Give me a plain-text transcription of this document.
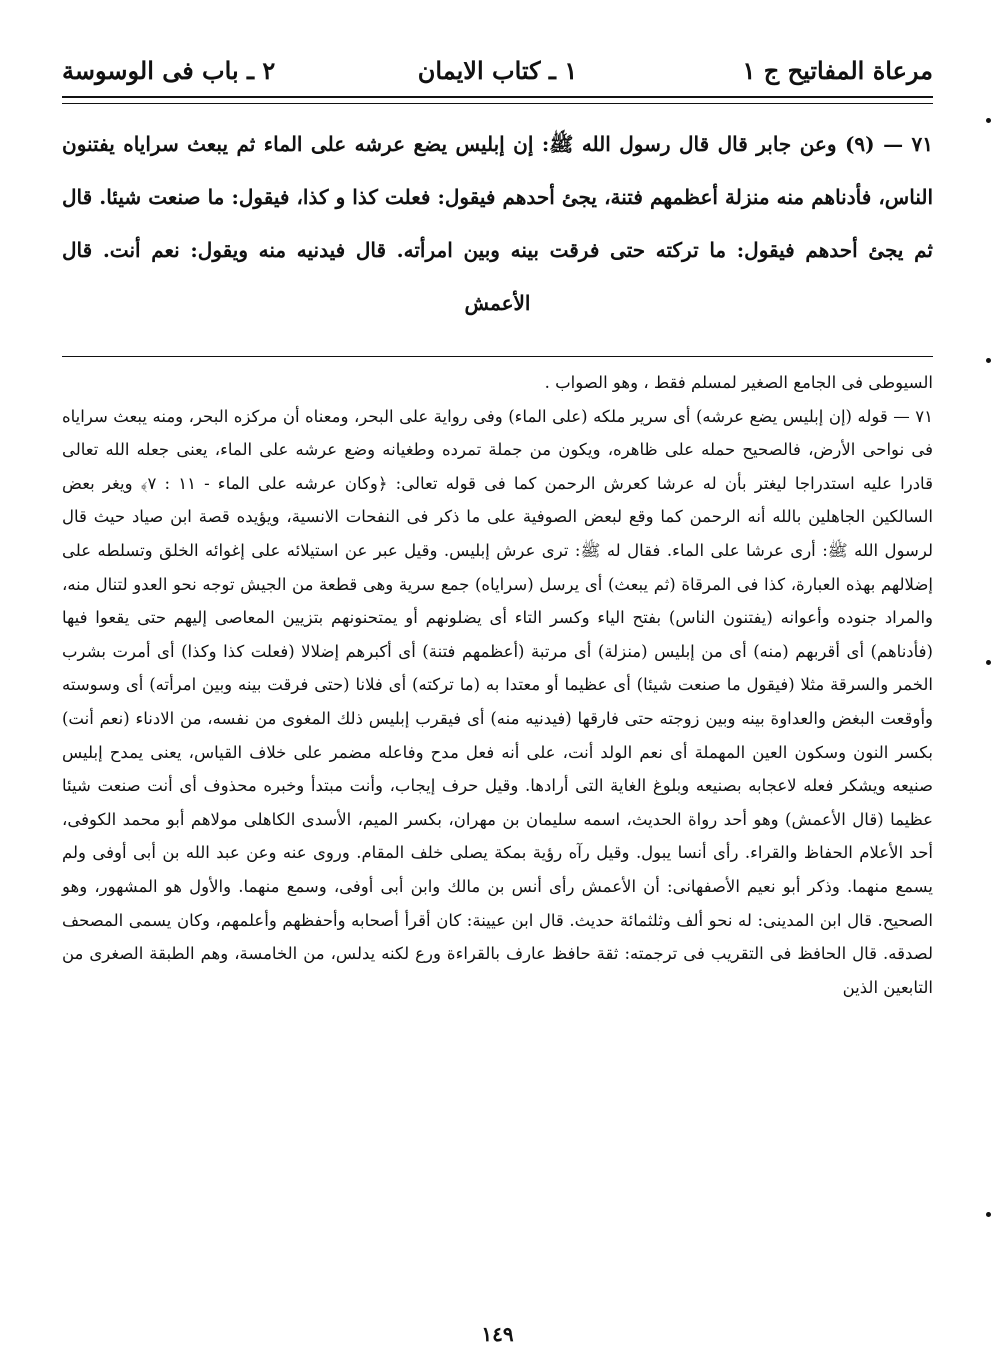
مرعاة المفاتيح ج ١
٢ ـ باب فى الوسوسة	١ ـ كتاب الايمان

٧١ — (٩) وعن جابر قال قال رسول الله ﷺ: إن إبليس يضع عرشه على الماء ثم يبعث سراياه يفتنون الناس، فأدناهم منه منزلة أعظمهم فتنة، يجئ أحدهم فيقول: فعلت كذا و كذا، فيقول: ما صنعت شيئا. قال ثم يجئ أحدهم فيقول: ما تركته حتى فرقت بينه وبين امرأته. قال فيدنيه منه ويقول: نعم أنت. قال الأعمش

السيوطى فى الجامع الصغير لمسلم فقط ، وهو الصواب .

٧١ — قوله (إن إبليس يضع عرشه) أى سرير ملكه (على الماء) وفى رواية على البحر، ومعناه أن مركزه البحر، ومنه يبعث سراياه فى نواحى الأرض، فالصحيح حمله على ظاهره، ويكون من جملة تمرده وطغيانه وضع عرشه على الماء، يعنى جعله الله تعالى قادرا عليه استدراجا ليغتر بأن له عرشا كعرش الرحمن كما فى قوله تعالى: ﴿وكان عرشه على الماء - ١١ : ٧﴾ ويغر بعض السالكين الجاهلين بالله أنه الرحمن كما وقع لبعض الصوفية على ما ذكر فى النفحات الانسية، ويؤيده قصة ابن صياد حيث قال لرسول الله ﷺ: أرى عرشا على الماء. فقال له ﷺ: ترى عرش إبليس. وقيل عبر عن استيلائه على إغوائه الخلق وتسلطه على إضلالهم بهذه العبارة، كذا فى المرقاة (ثم يبعث) أى يرسل (سراياه) جمع سرية وهى قطعة من الجيش توجه نحو العدو لتنال منه، والمراد جنوده وأعوانه (يفتنون الناس) بفتح الياء وكسر التاء أى يضلونهم أو يمتحنونهم بتزيين المعاصى إليهم حتى يقعوا فيها (فأدناهم) أى أقربهم (منه) أى من إبليس (منزلة) أى مرتبة (أعظمهم فتنة) أى أكبرهم إضلالا (فعلت كذا وكذا) أى أمرت بشرب الخمر والسرقة مثلا (فيقول ما صنعت شيئا) أى عظيما أو معتدا به (ما تركته) أى فلانا (حتى فرقت بينه وبين امرأته) أى وسوسته وأوقعت البغض والعداوة بينه وبين زوجته حتى فارقها (فيدنيه منه) أى فيقرب إبليس ذلك المغوى من نفسه، من الادناء (نعم أنت) بكسر النون وسكون العين المهملة أى نعم الولد أنت، على أنه فعل مدح وفاعله مضمر على خلاف القياس، يعنى يمدح إبليس صنيعه ويشكر فعله لاعجابه بصنيعه وبلوغ الغاية التى أرادها. وقيل حرف إيجاب، وأنت مبتدأ وخبره محذوف أى أنت صنعت شيئا عظيما (قال الأعمش) وهو أحد رواة الحديث، اسمه سليمان بن مهران، بكسر الميم، الأسدى الكاهلى مولاهم أبو محمد الكوفى، أحد الأعلام الحفاظ والقراء. رأى أنسا يبول. وقيل رآه رؤية بمكة يصلى خلف المقام. وروى عنه وعن عبد الله بن أبى أوفى ولم يسمع منهما. وذكر أبو نعيم الأصفهانى: أن الأعمش رأى أنس بن مالك وابن أبى أوفى، وسمع منهما. والأول هو المشهور، وهو الصحيح. قال ابن المدينى: له نحو ألف وثلثمائة حديث. قال ابن عيينة: كان أقرأ أصحابه وأحفظهم وأعلمهم، وكان يسمى المصحف لصدقه. قال الحافظ فى التقريب فى ترجمته: ثقة حافظ عارف بالقراءة ورع لكنه يدلس، من الخامسة، وهم الطبقة الصغرى من التابعين الذين

١٤٩
